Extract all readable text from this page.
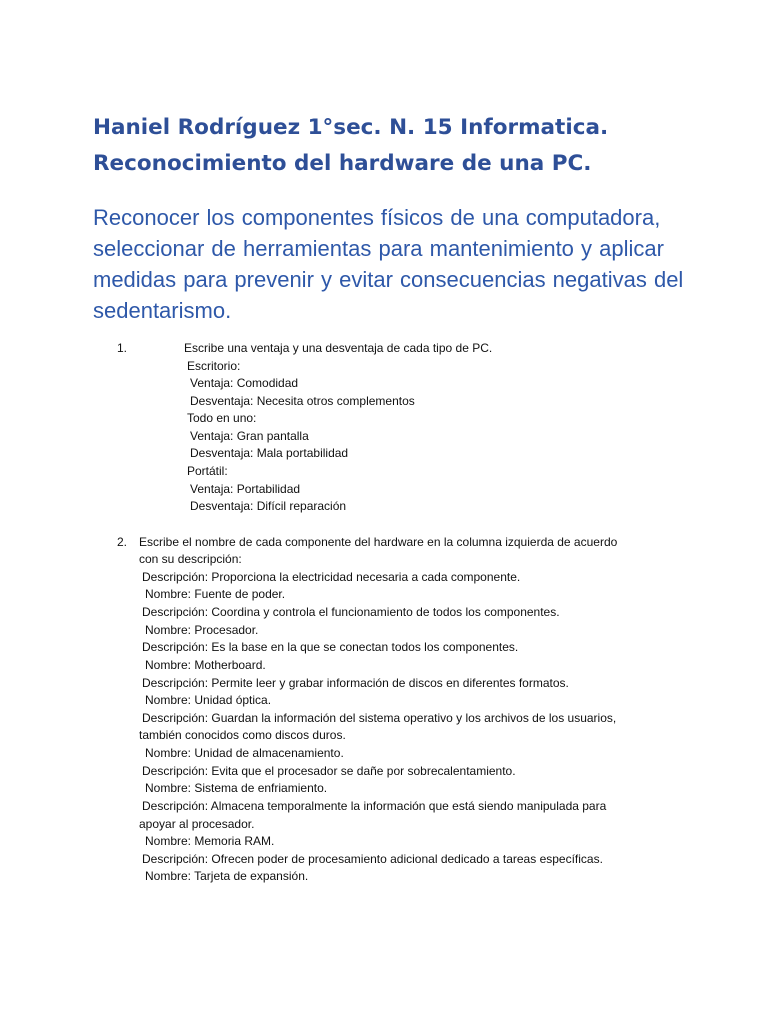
Haniel Rodríguez 1°sec. N. 15 Informatica.
Reconocimiento del hardware de una PC.

Reconocer los componentes físicos de una computadora, seleccionar de herramientas para mantenimiento y aplicar medidas para prevenir y evitar consecuencias negativas del sedentarismo.

1.	Escribe una ventaja y una desventaja de cada tipo de PC.
Escritorio:
Ventaja: Comodidad
Desventaja: Necesita otros complementos
Todo en uno:
Ventaja: Gran pantalla
Desventaja: Mala portabilidad
Portátil:
Ventaja: Portabilidad
Desventaja: Difícil reparación
2. Escribe el nombre de cada componente del hardware en la columna izquierda de acuerdo
con su descripción:
Descripción: Proporciona la electricidad necesaria a cada componente.
Nombre: Fuente de poder.
Descripción: Coordina y controla el funcionamiento de todos los componentes.
Nombre: Procesador.
Descripción: Es la base en la que se conectan todos los componentes.
Nombre: Motherboard.
Descripción: Permite leer y grabar información de discos en diferentes formatos.
Nombre: Unidad óptica.
Descripción: Guardan la información del sistema operativo y los archivos de los usuarios,
también conocidos como discos duros.
Nombre: Unidad de almacenamiento.
Descripción: Evita que el procesador se dañe por sobrecalentamiento.
Nombre: Sistema de enfriamiento.
Descripción: Almacena temporalmente la información que está siendo manipulada para
apoyar al procesador.
Nombre: Memoria RAM.
Descripción: Ofrecen poder de procesamiento adicional dedicado a tareas específicas.
Nombre: Tarjeta de expansión.
